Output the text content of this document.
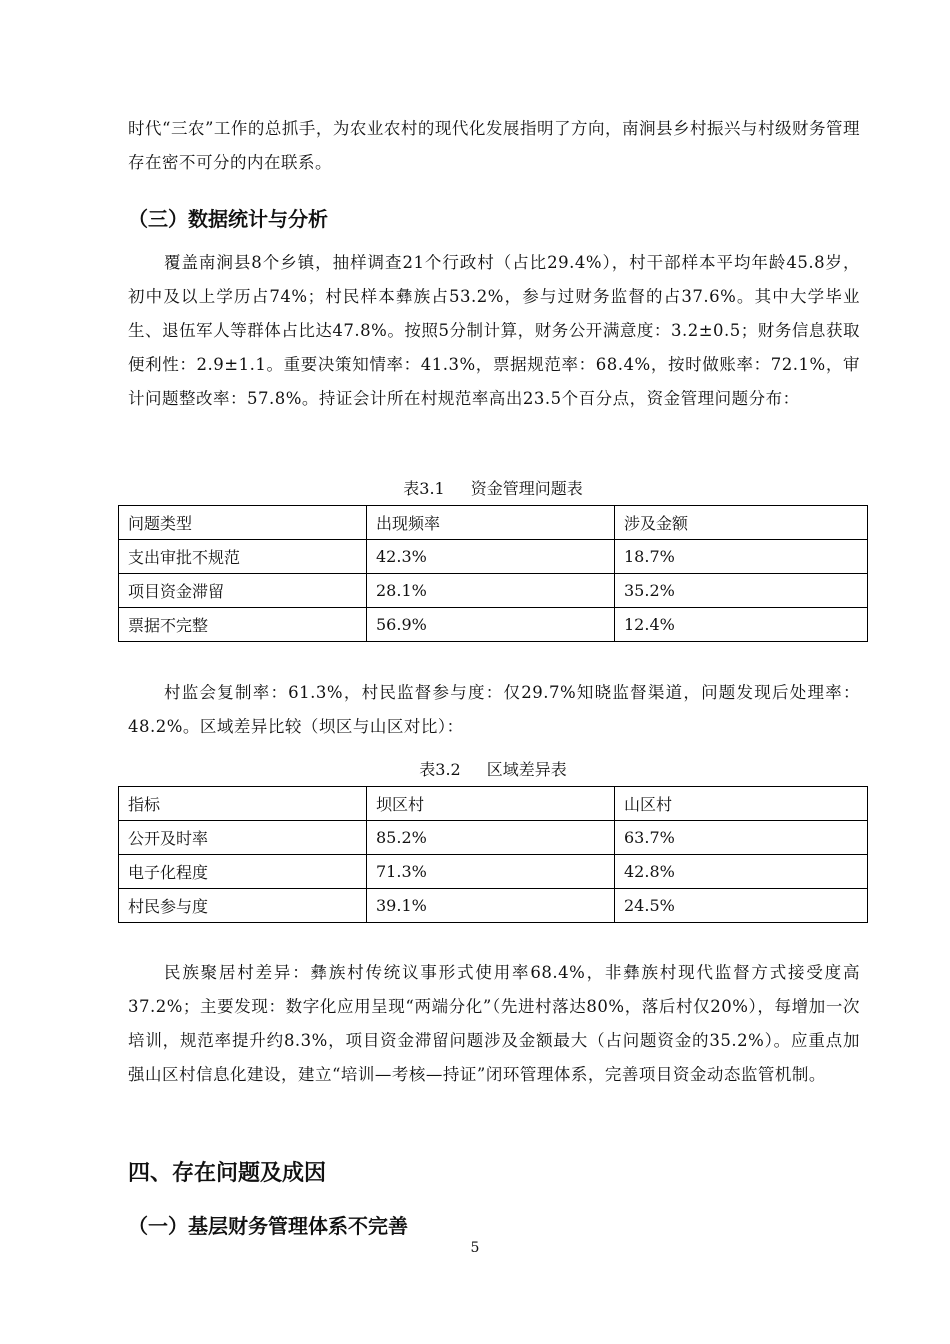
时代“三农”工作的总抓手，为农业农村的现代化发展指明了方向，南涧县乡村振兴与村级财务管理存在密不可分的内在联系。

（三）数据统计与分析

覆盖南涧县8个乡镇，抽样调查21个行政村（占比29.4%），村干部样本平均年龄45.8岁，初中及以上学历占74%；村民样本彝族占53.2%，参与过财务监督的占37.6%。其中大学毕业生、退伍军人等群体占比达47.8%。按照5分制计算，财务公开满意度：3.2±0.5；财务信息获取便利性：2.9±1.1。重要决策知情率：41.3%，票据规范率：68.4%，按时做账率：72.1%，审计问题整改率：57.8%。持证会计所在村规范率高出23.5个百分点，资金管理问题分布：

表3.1 资金管理问题表
问题类型	出现频率	涉及金额
支出审批不规范	42.3%	18.7%
项目资金滞留	28.1%	35.2%
票据不完整	56.9%	12.4%

村监会复制率：61.3%，村民监督参与度：仅29.7%知晓监督渠道，问题发现后处理率：48.2%。区域差异比较（坝区与山区对比）：

表3.2 区域差异表
指标	坝区村	山区村
公开及时率	85.2%	63.7%
电子化程度	71.3%	42.8%
村民参与度	39.1%	24.5%

民族聚居村差异：彝族村传统议事形式使用率68.4%，非彝族村现代监督方式接受度高37.2%；主要发现：数字化应用呈现“两端分化”（先进村落达80%，落后村仅20%），每增加一次培训，规范率提升约8.3%，项目资金滞留问题涉及金额最大（占问题资金的35.2%）。应重点加强山区村信息化建设，建立“培训—考核—持证”闭环管理体系，完善项目资金动态监管机制。

四、存在问题及成因
（一）基层财务管理体系不完善
5
